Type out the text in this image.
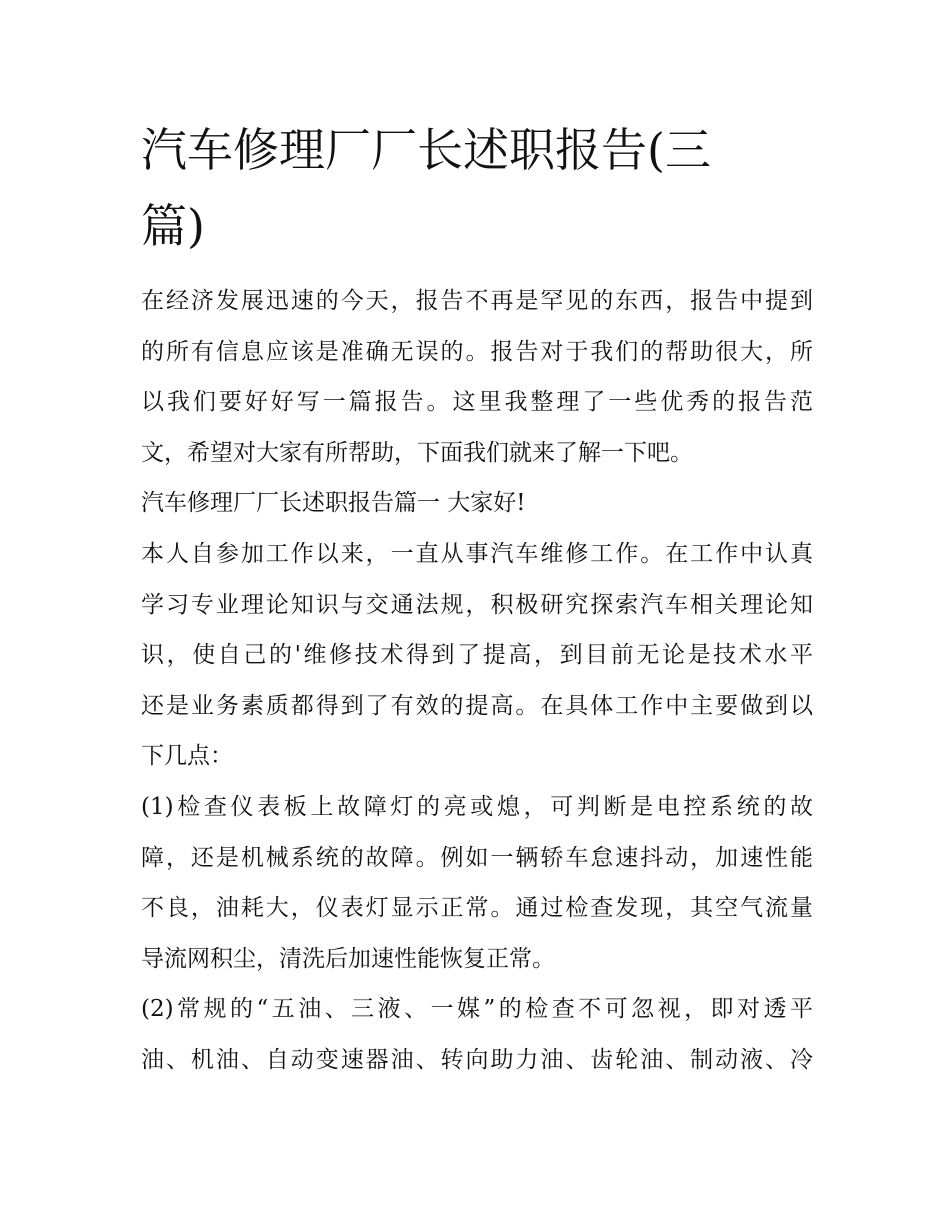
汽车修理厂厂长述职报告(三
篇)

在经济发展迅速的今天，报告不再是罕见的东西，报告中提到
的所有信息应该是准确无误的。报告对于我们的帮助很大，所
以我们要好好写一篇报告。这里我整理了一些优秀的报告范
文，希望对大家有所帮助，下面我们就来了解一下吧。

汽车修理厂厂长述职报告篇一 大家好!

本人自参加工作以来，一直从事汽车维修工作。在工作中认真
学习专业理论知识与交通法规，积极研究探索汽车相关理论知
识，使自己的'维修技术得到了提高，到目前无论是技术水平
还是业务素质都得到了有效的提高。在具体工作中主要做到以
下几点：

(1)检查仪表板上故障灯的亮或熄，可判断是电控系统的故
障，还是机械系统的故障。例如一辆轿车怠速抖动，加速性能
不良，油耗大，仪表灯显示正常。通过检查发现，其空气流量
导流网积尘，清洗后加速性能恢复正常。

(2)常规的“五油、三液、一媒”的检查不可忽视，即对透平
油、机油、自动变速器油、转向助力油、齿轮油、制动液、冷
